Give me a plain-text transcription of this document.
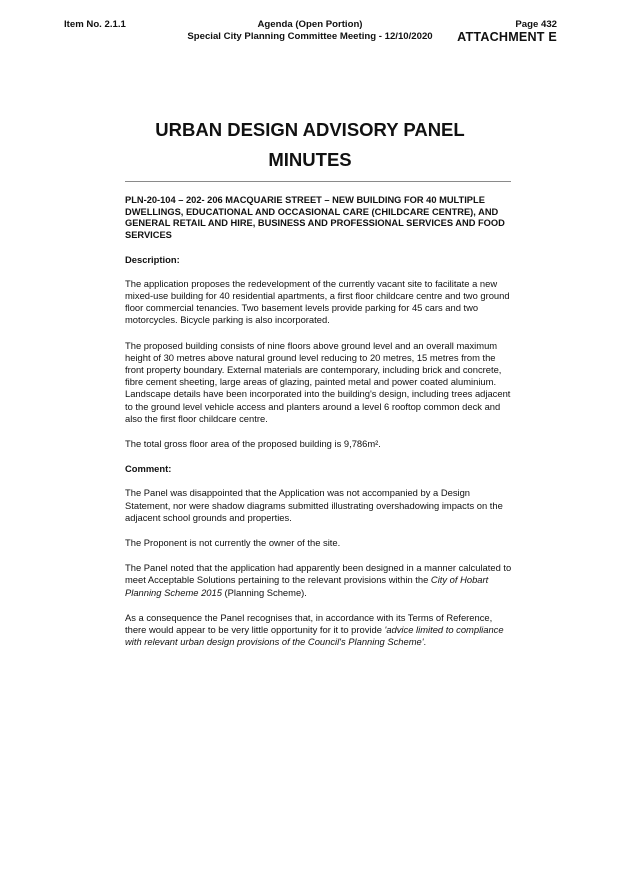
Item No. 2.1.1	Agenda (Open Portion)
Special City Planning Committee Meeting - 12/10/2020
Page 432
ATTACHMENT E
URBAN DESIGN ADVISORY PANEL
MINUTES

PLN-20-104 – 202- 206 MACQUARIE STREET – NEW BUILDING FOR 40 MULTIPLE DWELLINGS, EDUCATIONAL AND OCCASIONAL CARE (CHILDCARE CENTRE), AND GENERAL RETAIL AND HIRE, BUSINESS AND PROFESSIONAL SERVICES AND FOOD SERVICES

Description:

The application proposes the redevelopment of the currently vacant site to facilitate a new mixed-use building for 40 residential apartments, a first floor childcare centre and two ground floor commercial tenancies. Two basement levels provide parking for 45 cars and two motorcycles. Bicycle parking is also incorporated.

The proposed building consists of nine floors above ground level and an overall maximum height of 30 metres above natural ground level reducing to 20 metres, 15 metres from the front property boundary. External materials are contemporary, including brick and concrete, fibre cement sheeting, large areas of glazing, painted metal and power coated aluminium. Landscape details have been incorporated into the building's design, including trees adjacent to the ground level vehicle access and planters around a level 6 rooftop common deck and also the first floor childcare centre.

The total gross floor area of the proposed building is 9,786m².

Comment:

The Panel was disappointed that the Application was not accompanied by a Design Statement, nor were shadow diagrams submitted illustrating overshadowing impacts on the adjacent school grounds and properties.

The Proponent is not currently the owner of the site.

The Panel noted that the application had apparently been designed in a manner calculated to meet Acceptable Solutions pertaining to the relevant provisions within the City of Hobart Planning Scheme 2015 (Planning Scheme).

As a consequence the Panel recognises that, in accordance with its Terms of Reference, there would appear to be very little opportunity for it to provide 'advice limited to compliance with relevant urban design provisions of the Council's Planning Scheme'.
